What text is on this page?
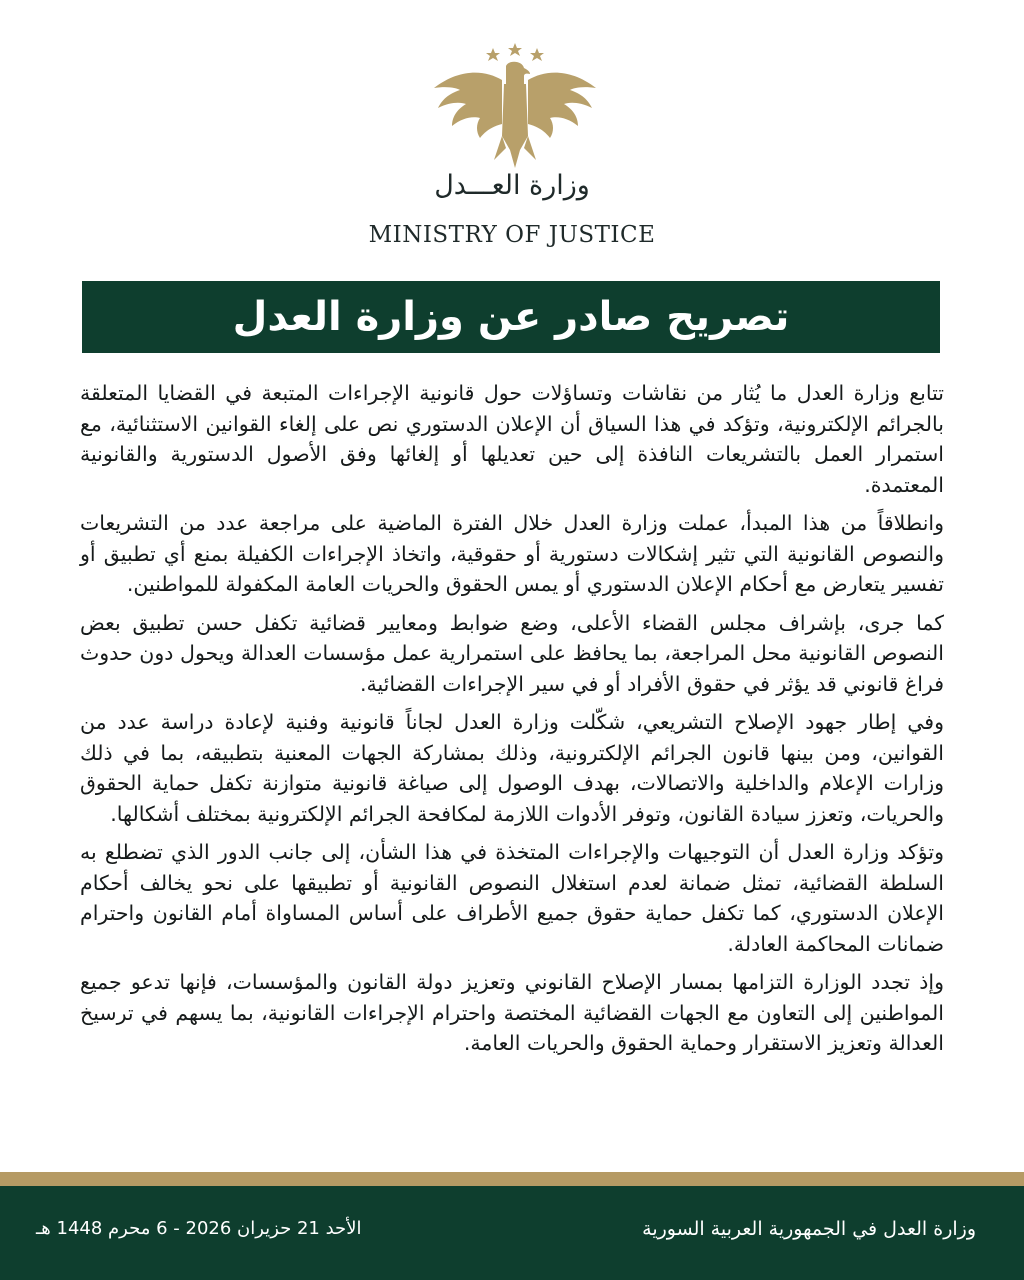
وزارة العـــدل
MINISTRY OF JUSTICE
تصريح صادر عن وزارة العدل

تتابع وزارة العدل ما يُثار من نقاشات وتساؤلات حول قانونية الإجراءات المتبعة في القضايا المتعلقة بالجرائم الإلكترونية، وتؤكد في هذا السياق أن الإعلان الدستوري نص على إلغاء القوانين الاستثنائية، مع استمرار العمل بالتشريعات النافذة إلى حين تعديلها أو إلغائها وفق الأصول الدستورية والقانونية المعتمدة.

وانطلاقاً من هذا المبدأ، عملت وزارة العدل خلال الفترة الماضية على مراجعة عدد من التشريعات والنصوص القانونية التي تثير إشكالات دستورية أو حقوقية، واتخاذ الإجراءات الكفيلة بمنع أي تطبيق أو تفسير يتعارض مع أحكام الإعلان الدستوري أو يمس الحقوق والحريات العامة المكفولة للمواطنين.

كما جرى، بإشراف مجلس القضاء الأعلى، وضع ضوابط ومعايير قضائية تكفل حسن تطبيق بعض النصوص القانونية محل المراجعة، بما يحافظ على استمرارية عمل مؤسسات العدالة ويحول دون حدوث فراغ قانوني قد يؤثر في حقوق الأفراد أو في سير الإجراءات القضائية.

وفي إطار جهود الإصلاح التشريعي، شكّلت وزارة العدل لجاناً قانونية وفنية لإعادة دراسة عدد من القوانين، ومن بينها قانون الجرائم الإلكترونية، وذلك بمشاركة الجهات المعنية بتطبيقه، بما في ذلك وزارات الإعلام والداخلية والاتصالات، بهدف الوصول إلى صياغة قانونية متوازنة تكفل حماية الحقوق والحريات، وتعزز سيادة القانون، وتوفر الأدوات اللازمة لمكافحة الجرائم الإلكترونية بمختلف أشكالها.

وتؤكد وزارة العدل أن التوجيهات والإجراءات المتخذة في هذا الشأن، إلى جانب الدور الذي تضطلع به السلطة القضائية، تمثل ضمانة لعدم استغلال النصوص القانونية أو تطبيقها على نحو يخالف أحكام الإعلان الدستوري، كما تكفل حماية حقوق جميع الأطراف على أساس المساواة أمام القانون واحترام ضمانات المحاكمة العادلة.

وإذ تجدد الوزارة التزامها بمسار الإصلاح القانوني وتعزيز دولة القانون والمؤسسات، فإنها تدعو جميع المواطنين إلى التعاون مع الجهات القضائية المختصة واحترام الإجراءات القانونية، بما يسهم في ترسيخ العدالة وتعزيز الاستقرار وحماية الحقوق والحريات العامة.

وزارة العدل في الجمهورية العربية السورية
الأحد 21 حزيران 2026 - 6 محرم 1448 هـ
